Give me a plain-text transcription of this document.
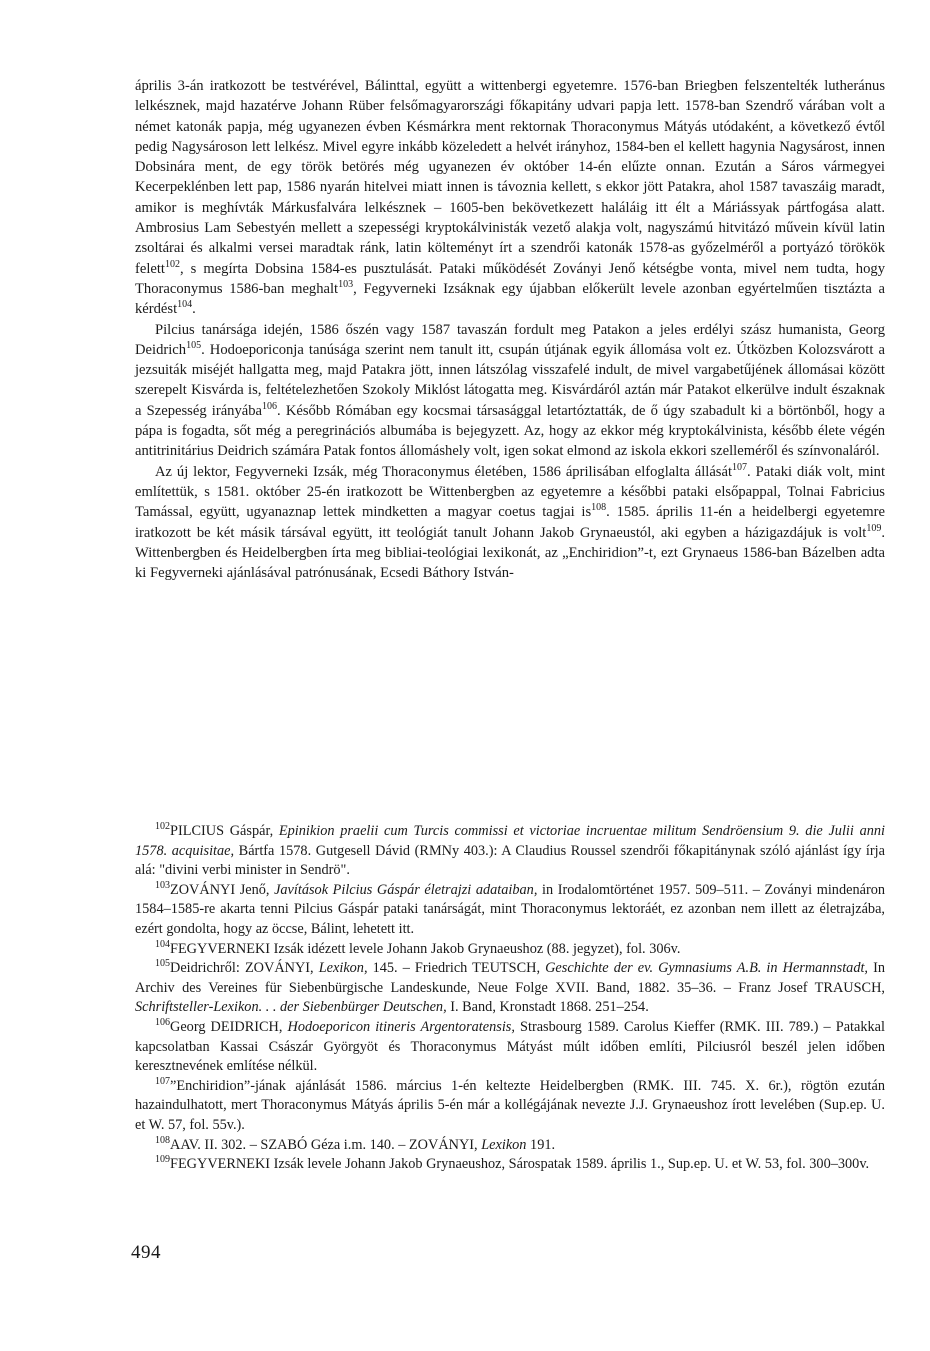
április 3-án iratkozott be testvérével, Bálinttal, együtt a wittenbergi egyetemre. 1576-ban Briegben felszentelték lutheránus lelkésznek, majd hazatérve Johann Rüber felsőmagyarországi főkapitány udvari papja lett. 1578-ban Szendrő várában volt a német katonák papja, még ugyanezen évben Késmárkra ment rektornak Thoraconymus Mátyás utódaként, a következő évtől pedig Nagysároson lett lelkész. Mivel egyre inkább közeledett a helvét irányhoz, 1584-ben el kellett hagynia Nagysárost, innen Dobsinára ment, de egy török betörés még ugyanezen év október 14-én elűzte onnan. Ezután a Sáros vármegyei Kecerpeklénben lett pap, 1586 nyarán hitelvei miatt innen is távoznia kellett, s ekkor jött Patakra, ahol 1587 tavaszáig maradt, amikor is meghívták Márkusfalvára lelkésznek – 1605-ben bekövetkezett haláláig itt élt a Máriássyak pártfogása alatt. Ambrosius Lam Sebestyén mellett a szepességi kryptokálvinisták vezető alakja volt, nagyszámú hitvitázó művein kívül latin zsoltárai és alkalmi versei maradtak ránk, latin költeményt írt a szendrői katonák 1578-as győzelméről a portyázó törökök felett$^{102}$, s megírta Dobsina 1584-es pusztulását. Pataki működését Zoványi Jenő kétségbe vonta, mivel nem tudta, hogy Thoraconymus 1586-ban meghalt$^{103}$, Fegyverneki Izsáknak egy újabban előkerült levele azonban egyértelműen tisztázta a kérdést$^{104}$.

Pilcius tanársága idején, 1586 őszén vagy 1587 tavaszán fordult meg Patakon a jeles erdélyi szász humanista, Georg Deidrich$^{105}$. Hodoeporiconja tanúsága szerint nem tanult itt, csupán útjának egyik állomása volt ez. Útközben Kolozsvárott a jezsuiták miséjét hallgatta meg, majd Patakra jött, innen látszólag visszafelé indult, de mivel vargabetűjének állomásai között szerepelt Kisvárda is, feltételezhetően Szokoly Miklóst látogatta meg. Kisvárdáról aztán már Patakot elkerülve indult északnak a Szepesség irányába$^{106}$. Később Rómában egy kocsmai társasággal letartóztatták, de ő úgy szabadult ki a börtönből, hogy a pápa is fogadta, sőt még a peregrinációs albumába is bejegyzett. Az, hogy az ekkor még kryptokálvinista, később élete végén antitrinitárius Deidrich számára Patak fontos állomáshely volt, igen sokat elmond az iskola ekkori szelleméről és színvonaláról.

Az új lektor, Fegyverneki Izsák, még Thoraconymus életében, 1586 áprilisában elfoglalta állását$^{107}$. Pataki diák volt, mint említettük, s 1581. október 25-én iratkozott be Wittenbergben az egyetemre a későbbi pataki elsőpappal, Tolnai Fabricius Tamással, együtt, ugyanaznap lettek mindketten a magyar coetus tagjai $is^{108}$. 1585. április 11-én a heidelbergi egyetemre iratkozott be két másik társával együtt, itt teológiát tanult Johann Jakob Grynaeustól, aki egyben a házigazdájuk is volt$^{109}$. Wittenbergben és Heidelbergben írta meg bibliai-teológiai lexikonát, az „Enchiridion”-t, ezt Grynaeus 1586-ban Bázelben adta ki Fegyverneki ajánlásával patrónusának, Ecsedi Báthory István-

$^{102}$PILCIUS Gáspár, Epinikion praelii cum Turcis commissi et victoriae incruentae militum Sendröensium 9. die Julii anni 1578. acquisitae, Bártfa 1578. Gutgesell Dávid (RMNy 403.): A Claudius Roussel szendrői főkapitánynak szóló ajánlást így írja alá: "divini verbi minister in Sendrö".

$^{103}$ZOVÁNYI Jenő, Javítások Pilcius Gáspár életrajzi adataiban, in Irodalomtörténet 1957. 509–511. – Zoványi mindenáron 1584–1585-re akarta tenni Pilcius Gáspár pataki tanárságát, mint Thoraconymus lektoráét, ez azonban nem illett az életrajzába, ezért gondolta, hogy az öccse, Bálint, lehetett itt.

$^{104}$FEGYVERNEKI Izsák idézett levele Johann Jakob Grynaeushoz (88. jegyzet), fol. 306v.

$^{105}$Deidrichről: ZOVÁNYI, Lexikon, 145. – Friedrich TEUTSCH, Geschichte der ev. Gymnasiums A.B. in Hermannstadt, In Archiv des Vereines für Siebenbürgische Landeskunde, Neue Folge XVII. Band, 1882. 35–36. – Franz Josef TRAUSCH, Schriftsteller-Lexikon. . . der Siebenbürger Deutschen, I. Band, Kronstadt 1868. 251–254.

$^{106}$Georg DEIDRICH, Hodoeporicon itineris Argentoratensis, Strasbourg 1589. Carolus Kieffer (RMK. III. 789.) – Patakkal kapcsolatban Kassai Császár Györgyöt és Thoraconymus Mátyást múlt időben említi, Pilciusról beszél jelen időben keresztnevének említése nélkül.

$^{107}$”Enchiridion”-jának ajánlását 1586. március 1-én keltezte Heidelbergben (RMK. III. 745. X. 6r.), rögtön ezután hazaindulhatott, mert Thoraconymus Mátyás április 5-én már a kollégájának nevezte J.J. Grynaeushoz írott levelében (Sup.ep. U. et W. 57, fol. 55v.).

$^{108}$AAV. II. 302. – SZABÓ Géza i.m. 140. – ZOVÁNYI, Lexikon 191.

$^{109}$FEGYVERNEKI Izsák levele Johann Jakob Grynaeushoz, Sárospatak 1589. április 1., Sup.ep. U. et W. 53, fol. 300–300v.

494
